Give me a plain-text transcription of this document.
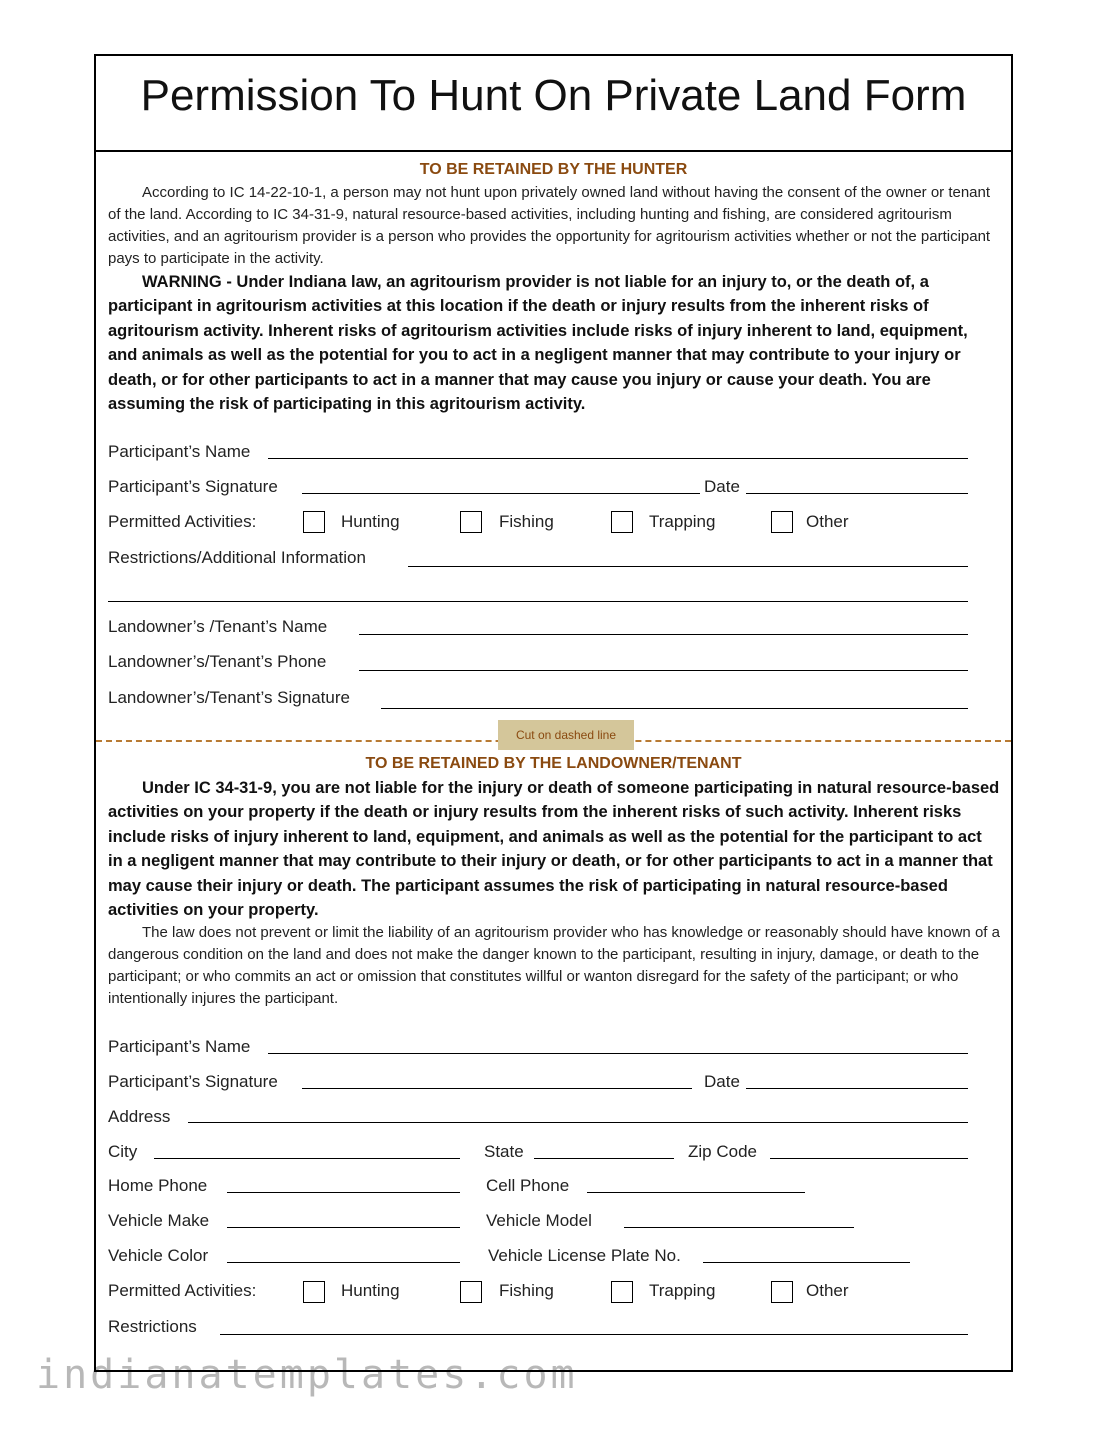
Permission To Hunt On Private Land Form
TO BE RETAINED BY THE HUNTER

According to IC 14-22-10-1, a person may not hunt upon privately owned land without having the consent of the owner or tenant of the land. According to IC 34-31-9, natural resource-based activities, including hunting and fishing, are considered agritourism activities, and an agritourism provider is a person who provides the opportunity for agritourism activities whether or not the participant pays to participate in the activity.

WARNING - Under Indiana law, an agritourism provider is not liable for an injury to, or the death of, a participant in agritourism activities at this location if the death or injury results from the inherent risks of agritourism activity. Inherent risks of agritourism activities include risks of injury inherent to land, equipment, and animals as well as the potential for you to act in a negligent manner that may contribute to your injury or death, or for other participants to act in a manner that may cause you injury or cause your death. You are assuming the risk of participating in this agritourism activity.

Participant’s Name
Participant’s Signature	Date
Permitted Activities:	Hunting	Fishing	Trapping	Other
Restrictions/Additional Information
Landowner’s /Tenant’s Name
Landowner’s/Tenant’s Phone
Landowner’s/Tenant’s Signature
Cut on dashed line
TO BE RETAINED BY THE LANDOWNER/TENANT

Under IC 34-31-9, you are not liable for the injury or death of someone participating in natural resource-based activities on your property if the death or injury results from the inherent risks of such activity. Inherent risks include risks of injury inherent to land, equipment, and animals as well as the potential for the participant to act in a negligent manner that may contribute to their injury or death, or for other participants to act in a manner that may cause their injury or death. The participant assumes the risk of participating in natural resource-based activities on your property.

The law does not prevent or limit the liability of an agritourism provider who has knowledge or reasonably should have known of a dangerous condition on the land and does not make the danger known to the participant, resulting in injury, damage, or death to the participant; or who commits an act or omission that constitutes willful or wanton disregard for the safety of the participant; or who intentionally injures the participant.

Participant’s Name
Participant’s Signature	Date
Address
City	State	Zip Code
Home Phone	Cell Phone
Vehicle Make	Vehicle Model
Vehicle Color	Vehicle License Plate No.
Permitted Activities:	Hunting	Fishing	Trapping	Other
Restrictions
indianatemplates.com
